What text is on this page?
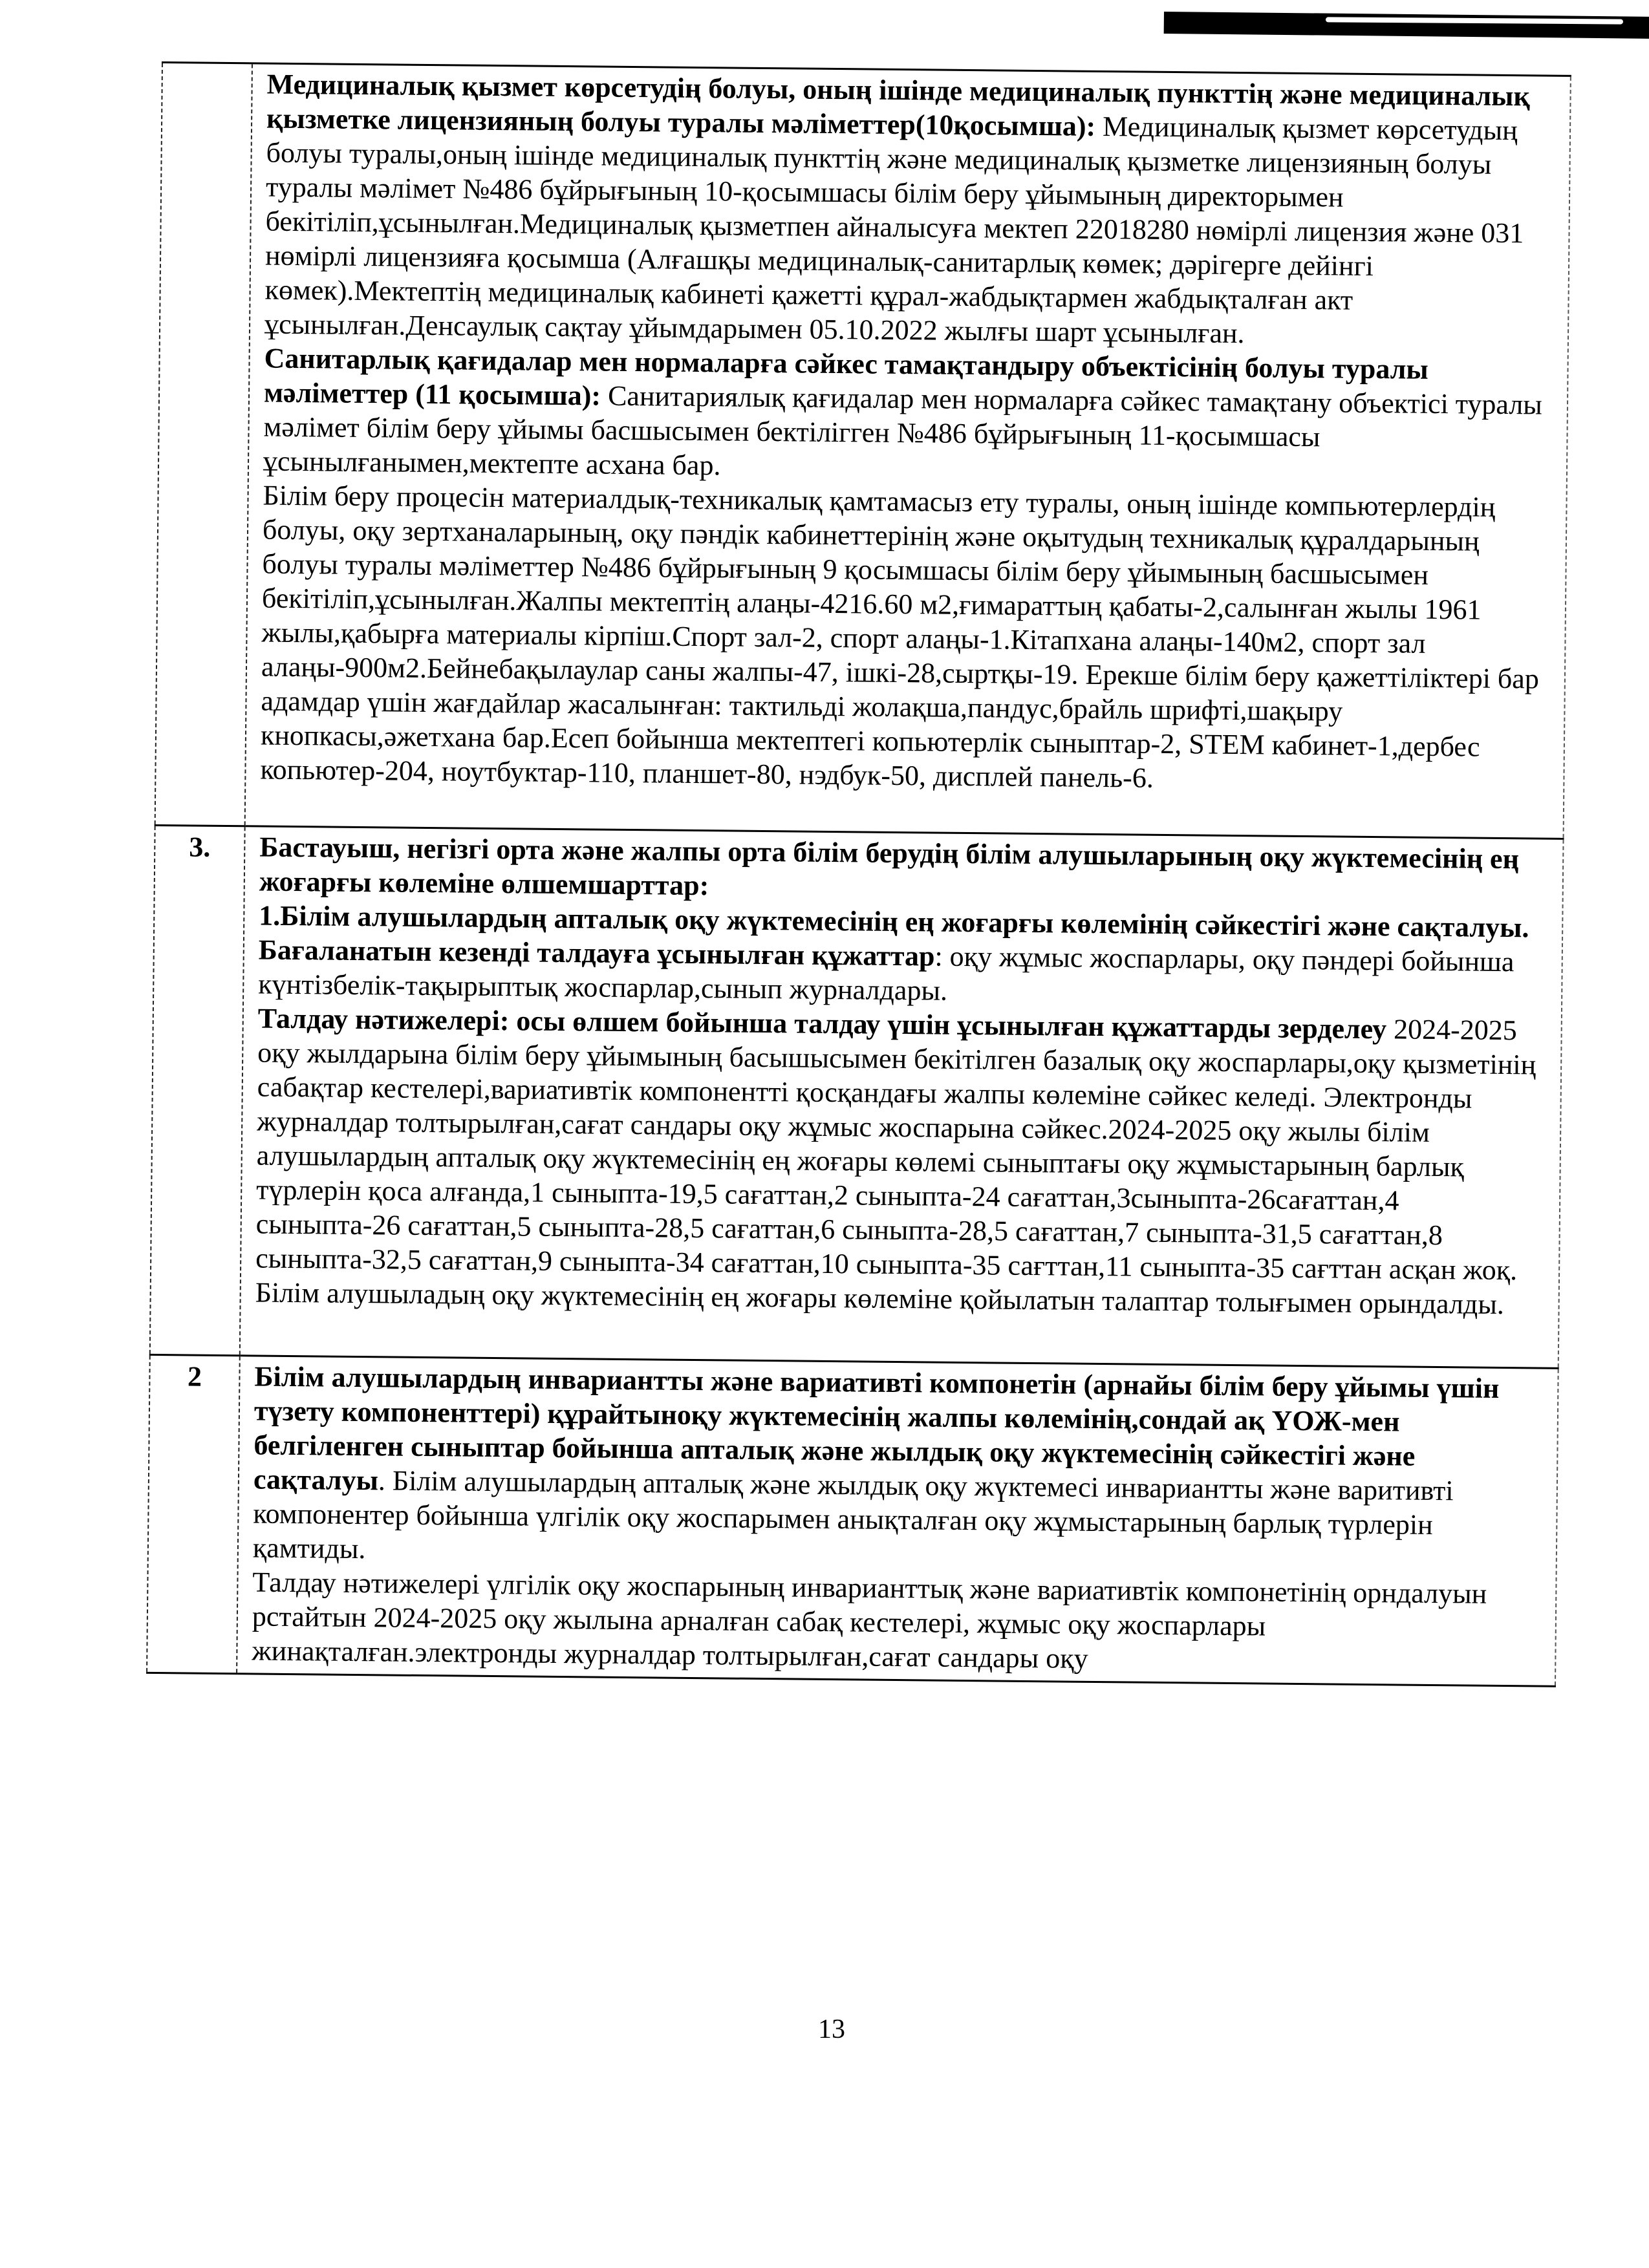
	Медициналық қызмет көрсетудің болуы, оның ішінде медициналық пункттің және медициналық қызметке лицензияның болуы туралы мәліметтер(10қосымша): Медициналық қызмет көрсетудың болуы туралы,оның ішінде медициналық пункттің және медициналық қызметке лицензияның болуы туралы мәлімет №486 бұйрығының 10-қосымшасы білім беру ұйымының директорымен бекітіліп,ұсынылған.Медициналық қызметпен айналысуға мектеп 22018280 нөмірлі лицензия және 031 нөмірлі лицензияға қосымша (Алғашқы медициналық-санитарлық көмек; дәрігерге дейінгі көмек).Мектептің медициналық кабинеті қажетті құрал-жабдықтармен жабдықталған акт ұсынылған.Денсаулық сақтау ұйымдарымен 05.10.2022 жылғы шарт ұсынылған.

Санитарлық қағидалар мен нормаларға сәйкес тамақтандыру объектісінің болуы туралы мәліметтер (11 қосымша): Санитариялық қағидалар мен нормаларға сәйкес тамақтану объектісі туралы мәлімет білім беру ұйымы басшысымен бектілігген №486 бұйрығының 11-қосымшасы ұсынылғанымен,мектепте асхана бар.

Білім беру процесін материалдық-техникалық қамтамасыз ету туралы, оның ішінде компьютерлердің болуы, оқу зертханаларының, оқу пәндік кабинеттерінің және оқытудың техникалық құралдарының болуы туралы мәліметтер №486 бұйрығының 9 қосымшасы білім беру ұйымының басшысымен бекітіліп,ұсынылған.Жалпы мектептің алаңы-4216.60 м2,ғимараттың қабаты-2,салынған жылы 1961 жылы,қабырға материалы кірпіш.Спорт зал-2, спорт алаңы-1.Кітапхана алаңы-140м2, спорт зал алаңы-900м2.Бейнебақылаулар саны жалпы-47, ішкі-28,сыртқы-19. Ерекше білім беру қажеттіліктері бар адамдар үшін жағдайлар жасалынған: тактильді жолақша,пандус,брайль шрифті,шақыру кнопкасы,әжетхана бар.Есеп бойынша мектептегі копьютерлік сыныптар-2, STEM кабинет-1,дербес копьютер-204, ноутбуктар-110, планшет-80, нэдбук-50, дисплей панель-6.

3.	Бастауыш, негізгі орта және жалпы орта білім берудің білім алушыларының оқу жүктемесінің ең жоғарғы көлеміне өлшемшарттар:

1.Білім алушылардың апталық оқу жүктемесінің ең жоғарғы көлемінің сәйкестігі және сақталуы.

Бағаланатын кезенді талдауға ұсынылған құжаттар: оқу жұмыс жоспарлары, оқу пәндері бойынша күнтізбелік-тақырыптық жоспарлар,сынып журналдары.

Талдау нәтижелері: осы өлшем бойынша талдау үшін ұсынылған құжаттарды зерделеу 2024-2025 оқу жылдарына білім беру ұйымының басышысымен бекітілген базалық оқу жоспарлары,оқу қызметінің сабақтар кестелері,вариативтік компонентті қосқандағы жалпы көлеміне сәйкес келеді. Электронды журналдар толтырылған,сағат сандары оқу жұмыс жоспарына сәйкес.2024-2025 оқу жылы білім алушылардың апталық оқу жүктемесінің ең жоғары көлемі сыныптағы оқу жұмыстарының барлық түрлерін қоса алғанда,1 сыныпта-19,5 сағаттан,2 сыныпта-24 сағаттан,3сыныпта-26сағаттан,4 сыныпта-26 сағаттан,5 сыныпта-28,5 сағаттан,6 сыныпта-28,5 сағаттан,7 сыныпта-31,5 сағаттан,8 сыныпта-32,5 сағаттан,9 сыныпта-34 сағаттан,10 сыныпта-35 сағттан,11 сыныпта-35 сағттан асқан жоқ. Білім алушыладың оқу жүктемесінің ең жоғары көлеміне қойылатын талаптар толығымен орындалды.

2	Білім алушылардың инвариантты және вариативті компонетін (арнайы білім беру ұйымы үшін түзету компоненттері) құрайтыноқу жүктемесінің жалпы көлемінің,сондай ақ ҮОЖ-мен белгіленген сыныптар бойынша апталық және жылдық оқу жүктемесінің сәйкестігі және сақталуы. Білім алушылардың апталық және жылдық оқу жүктемесі инвариантты және варитивті компонентер бойынша үлгілік оқу жоспарымен анықталған оқу жұмыстарының барлық түрлерін қамтиды.

Талдау нәтижелері үлгілік оқу жоспарының инварианттық және вариативтік компонетінің орндалуын рстайтын 2024-2025 оқу жылына арналған сабақ кестелері, жұмыс оқу жоспарлары жинақталған.электронды журналдар толтырылған,сағат сандары оқу

13
